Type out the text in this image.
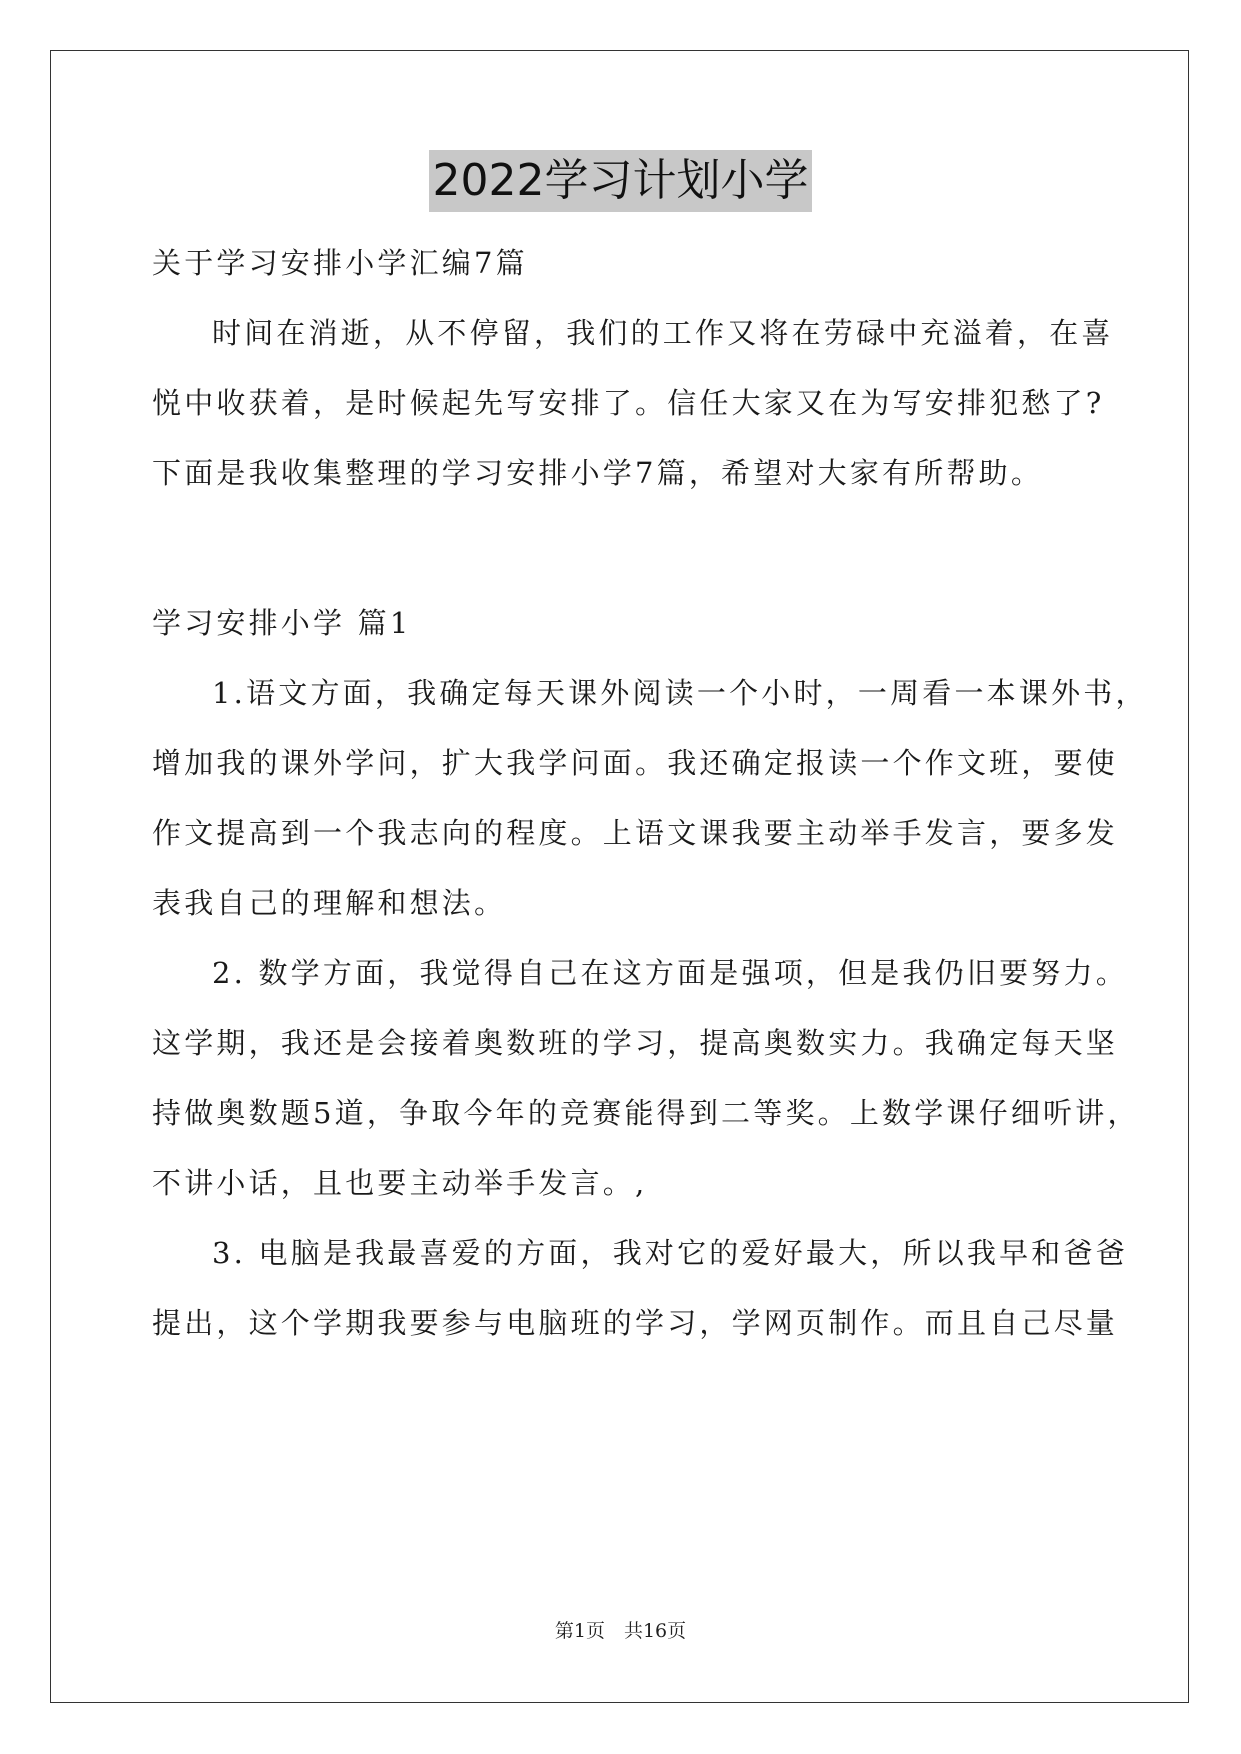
2022学习计划小学
关于学习安排小学汇编7篇
时间在消逝，从不停留，我们的工作又将在劳碌中充溢着，在喜
悦中收获着，是时候起先写安排了。信任大家又在为写安排犯愁了?
下面是我收集整理的学习安排小学7篇，希望对大家有所帮助。
学习安排小学 篇1
1.语文方面，我确定每天课外阅读一个小时，一周看一本课外书，
增加我的课外学问，扩大我学问面。我还确定报读一个作文班，要使
作文提高到一个我志向的程度。上语文课我要主动举手发言，要多发
表我自己的理解和想法。
2. 数学方面，我觉得自己在这方面是强项，但是我仍旧要努力。
这学期，我还是会接着奥数班的学习，提高奥数实力。我确定每天坚
持做奥数题5道，争取今年的竞赛能得到二等奖。上数学课仔细听讲，
不讲小话，且也要主动举手发言。,
3. 电脑是我最喜爱的方面，我对它的爱好最大，所以我早和爸爸
提出，这个学期我要参与电脑班的学习，学网页制作。而且自己尽量
第1页　共16页
